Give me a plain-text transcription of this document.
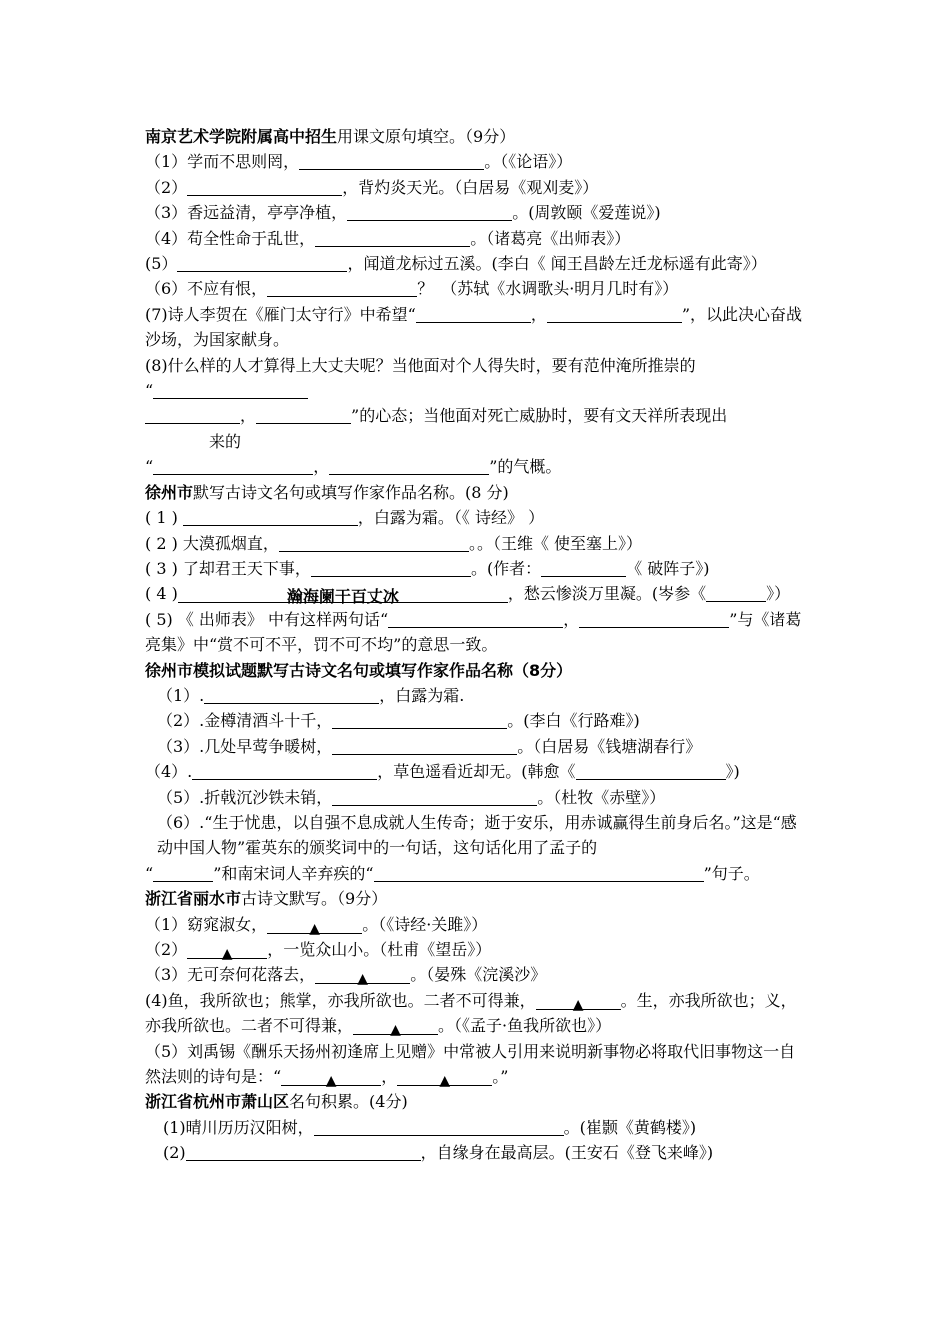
南京艺术学院附属高中招生用课文原句填空。（9分）
（1）学而不思则罔，	。（《论语》）
（2）	，背灼炎天光。（白居易《观刈麦》）
（3）香远益清，亭亭净植，	。(周敦颐《爱莲说》)
（4）苟全性命于乱世，	。（诸葛亮《出师表》）
(5）	，闻道龙标过五溪。(李白《 闻王昌龄左迁龙标遥有此寄》）
（6）不应有恨，	？　（苏轼《水调歌头·明月几时有》）
(7)诗人李贺在《雁门太守行》中希望“	，	”，以此决心奋战沙场，为国家献身。
(8)什么样的人才算得上大丈夫呢？当他面对个人得失时，要有范仲淹所推崇的
“
，	”的心态；当他面对死亡威胁时，要有文天祥所表现出
来的
“	，	”的气概。
徐州市默写古诗文名句或填写作家作品名称。(8 分)
( 1 )	，白露为霜。（《 诗经》 ）
( 2 ) 大漠孤烟直，	。。（王维《 使至塞上》）
( 3 ) 了却君王天下事，	。(作者：	《 破阵子》)
( 4 )	瀚海阑干百丈冰	，愁云惨淡万里凝。(岑参《	》）
( 5) 《 出师表》 中有这样两句话“	，	”与《诸葛亮集》中“赏不可不平，罚不可不均”的意思一致。
徐州市模拟试题默写古诗文名句或填写作家作品名称（8分）
（1）.	，白露为霜.
（2）.金樽清酒斗十千，	。(李白《行路难》)
（3）.几处早莺争暖树，	。（白居易《钱塘湖春行》
（4）.	，草色遥看近却无。(韩愈《	》)
（5）.折戟沉沙铁未销，	。（杜牧《赤壁》）
（6）.“生于忧患，以自强不息成就人生传奇；逝于安乐，用赤诚赢得生前身后名。”这是“感动中国人物”霍英东的颁奖词中的一句话，这句话化用了孟子的
“	”和南宋词人辛弃疾的“	”句子。
浙江省丽水市古诗文默写。（9分）
（1）窈窕淑女，	▲	。（《诗经·关雎》）
（2） ▲ ，一览众山小。（杜甫《望岳》）
（3）无可奈何花落去，	▲	。（晏殊《浣溪沙》
(4)鱼，我所欲也；熊掌，亦我所欲也。二者不可得兼，	▲ 。生，亦我所欲也；义，亦我所欲也。二者不可得兼，	▲ 。（《孟子·鱼我所欲也》）
（5）刘禹锡《酬乐天扬州初逢席上见赠》中常被人引用来说明新事物必将取代旧事物这一自然法则的诗句是：“	▲	，	▲	。”
浙江省杭州市萧山区名句积累。(4分)
(1)晴川历历汉阳树，	。(崔颢《黄鹤楼》)
(2)	，自缘身在最高层。(王安石《登飞来峰》)
